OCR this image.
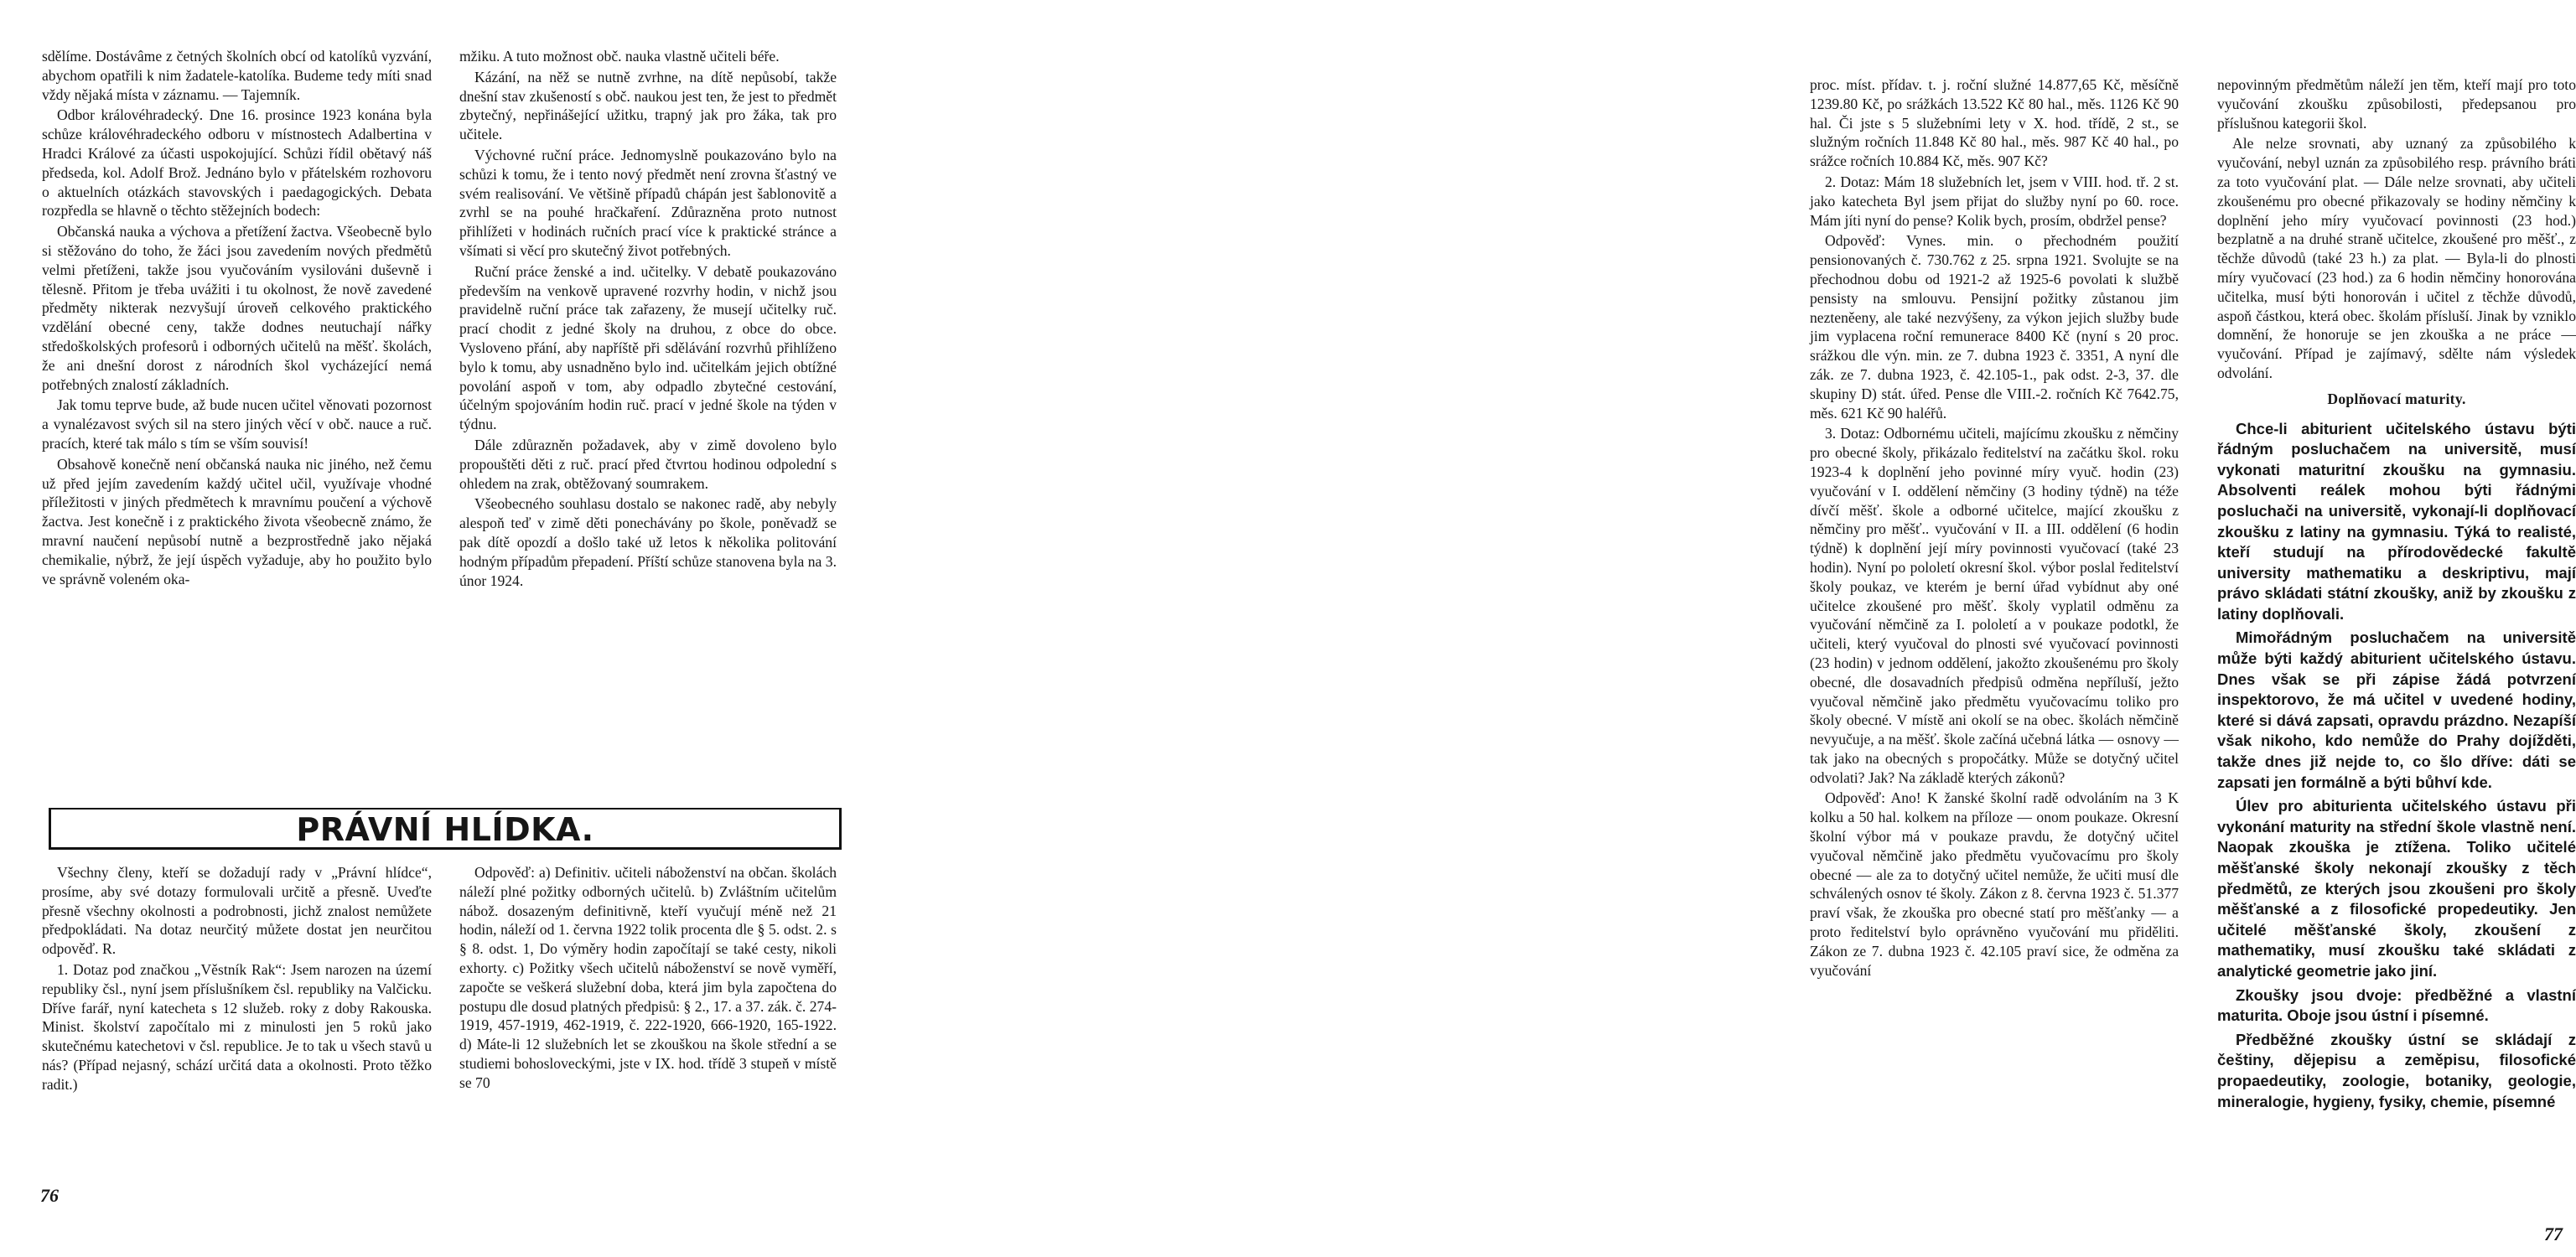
sdělíme. Dostávâme z četných školních obcí od katolíků vyzvání, abychom opatřili k nim žadatele-katolíka. Budeme tedy míti snad vždy nějaká místa v záznamu. — Tajemník.

Odbor královéhradecký. Dne 16. prosince 1923 konána byla schůze královéhradeckého odboru v místnostech Adalbertina v Hradci Králové za účasti uspokojující. Schůzi řídil obětavý náš předseda, kol. Adolf Brož. Jednáno bylo v přátelském rozhovoru o aktuelních otázkách stavovských i paedagogických. Debata rozpředla se hlavně o těchto stěžejních bodech:

Občanská nauka a výchova a přetížení žactva. Všeobecně bylo si stěžováno do toho, že žáci jsou zavedením nových předmětů velmi přetíženi, takže jsou vyučováním vysilováni duševně i tělesně. Přitom je třeba uvážiti i tu okolnost, že nově zavedené předměty nikterak nezvyšují úroveň celkového praktického vzdělání obecné ceny, takže dodnes neutuchají nářky středoškolských profesorů i odborných učitelů na měšť. školách, že ani dnešní dorost z národních škol vycházející nemá potřebných znalostí základních.

Jak tomu teprve bude, až bude nucen učitel věnovati pozornost a vynalézavost svých sil na stero jiných věcí v obč. nauce a ruč. pracích, které tak málo s tím se vším souvisí!

Obsahově konečně není občanská nauka nic jiného, než čemu už před jejím zavedením každý učitel učil, využívaje vhodné příležitosti v jiných předmětech k mravnímu poučení a výchově žactva. Jest konečně i z praktického života všeobecně známo, že mravní naučení nepůsobí nutně a bezprostředně jako nějaká chemikalie, nýbrž, že její úspěch vyžaduje, aby ho použito bylo ve správně voleném oka-

mžiku. A tuto možnost obč. nauka vlastně učiteli béře.

Kázání, na něž se nutně zvrhne, na dítě nepůsobí, takže dnešní stav zkušeností s obč. naukou jest ten, že jest to předmět zbytečný, nepřinášející užitku, trapný jak pro žáka, tak pro učitele.

Výchovné ruční práce. Jednomyslně poukazováno bylo na schůzi k tomu, že i tento nový předmět není zrovna šťastný ve svém realisování. Ve většině případů chápán jest šablonovitě a zvrhl se na pouhé hračkaření. Zdůrazněna proto nutnost přihlížeti v hodinách ručních prací více k praktické stránce a všímati si věcí pro skutečný život potřebných.

Ruční práce ženské a ind. učitelky. V debatě poukazováno především na venkově upravené rozvrhy hodin, v nichž jsou pravidelně ruční práce tak zařazeny, že musejí učitelky ruč. prací chodit z jedné školy na druhou, z obce do obce. Vysloveno přání, aby napříště při sdělávání rozvrhů přihlíženo bylo k tomu, aby usnadněno bylo ind. učitelkám jejich obtížné povolání aspoň v tom, aby odpadlo zbytečné cestování, účelným spojováním hodin ruč. prací v jedné škole na týden v týdnu.

Dále zdůrazněn požadavek, aby v zimě dovoleno bylo propouštěti děti z ruč. prací před čtvrtou hodinou odpolední s ohledem na zrak, obtěžovaný soumrakem.

Všeobecného souhlasu dostalo se nakonec radě, aby nebyly alespoň teď v zimě děti ponechávány po škole, poněvadž se pak dítě opozdí a došlo také už letos k několika politování hodným případům přepadení. Příští schůze stanovena byla na 3. únor 1924.

PRÁVNÍ HLÍDKA.

Všechny členy, kteří se dožadují rady v „Právní hlídce“, prosíme, aby své dotazy formulovali určitě a přesně. Uveďte přesně všechny okolnosti a podrobnosti, jichž znalost nemůžete předpokládati. Na dotaz neurčitý můžete dostat jen neurčitou odpověď. R.

1. Dotaz pod značkou „Věstník Rak“: Jsem narozen na území republiky čsl., nyní jsem příslušníkem čsl. republiky na Valčicku. Dříve farář, nyní katecheta s 12 služeb. roky z doby Rakouska. Minist. školství započítalo mi z minulosti jen 5 roků jako skutečnému katechetovi v čsl. republice. Je to tak u všech stavů u nás? (Případ nejasný, schází určitá data a okolnosti. Proto těžko radit.)

Odpověď: a) Definitiv. učiteli náboženství na občan. školách náleží plné požitky odborných učitelů. b) Zvláštním učitelům nábož. dosazeným definitivně, kteří vyučují méně než 21 hodin, náleží od 1. června 1922 tolik procenta dle § 5. odst. 2. s § 8. odst. 1, Do výměry hodin započítají se také cesty, nikoli exhorty. c) Požitky všech učitelů náboženství se nově vyměří, započte se veškerá služební doba, která jim byla započtena do postupu dle dosud platných předpisů: § 2., 17. a 37. zák. č. 274-1919, 457-1919, 462-1919, č. 222-1920, 666-1920, 165-1922. d) Máte-li 12 služebních let se zkouškou na škole střední a se studiemi bohosloveckými, jste v IX. hod. třídě 3 stupeň v místě se 70

76

proc. míst. přídav. t. j. roční služné 14.877,65 Kč, měsíčně 1239.80 Kč, po srážkách 13.522 Kč 80 hal., měs. 1126 Kč 90 hal. Či jste s 5 služebními lety v X. hod. třídě, 2 st., se služným ročních 11.848 Kč 80 hal., měs. 987 Kč 40 hal., po srážce ročních 10.884 Kč, měs. 907 Kč?

2. Dotaz: Mám 18 služebních let, jsem v VIII. hod. tř. 2 st. jako katecheta Byl jsem přijat do služby nyní po 60. roce. Mám jíti nyní do pense? Kolik bych, prosím, obdržel pense?

Odpověď: Vynes. min. o přechodném použití pensionovaných č. 730.762 z 25. srpna 1921. Svolujte se na přechodnou dobu od 1921-2 až 1925-6 povolati k službě pensisty na smlouvu. Pensijní požitky zůstanou jim nezteněeny, ale také nezvýšeny, za výkon jejich služby bude jim vyplacena roční remunerace 8400 Kč (nyní s 20 proc. srážkou dle výn. min. ze 7. dubna 1923 č. 3351, A nyní dle zák. ze 7. dubna 1923, č. 42.105-1., pak odst. 2-3, 37. dle skupiny D) stát. úřed. Pense dle VIII.-2. ročních Kč 7642.75, měs. 621 Kč 90 haléřů.

3. Dotaz: Odbornému učiteli, majícímu zkoušku z němčiny pro obecné školy, přikázalo ředitelství na začátku škol. roku 1923-4 k doplnění jeho povinné míry vyuč. hodin (23) vyučování v I. oddělení němčiny (3 hodiny týdně) na téže dívčí měšť. škole a odborné učitelce, mající zkoušku z němčiny pro měšť.. vyučování v II. a III. oddělení (6 hodin týdně) k doplnění její míry povinnosti vyučovací (také 23 hodin). Nyní po pololetí okresní škol. výbor poslal ředitelství školy poukaz, ve kterém je berní úřad vybídnut aby oné učitelce zkoušené pro měšť. školy vyplatil odměnu za vyučování němčině za I. pololetí a v poukaze podotkl, že učiteli, který vyučoval do plnosti své vyučovací povinnosti (23 hodin) v jednom oddělení, jakožto zkoušenému pro školy obecné, dle dosavadních předpisů odměna nepříluší, ježto vyučoval němčině jako předmětu vyučovacímu toliko pro školy obecné. V místě ani okolí se na obec. školách němčině nevyučuje, a na měšť. škole začíná učebná látka — osnovy — tak jako na obecných s propočátky. Může se dotyčný učitel odvolati? Jak? Na základě kterých zákonů?

Odpověď: Ano! K žanské školní radě odvoláním na 3 K kolku a 50 hal. kolkem na příloze — onom poukaze. Okresní školní výbor má v poukaze pravdu, že dotyčný učitel vyučoval němčině jako předmětu vyučovacímu pro školy obecné — ale za to dotyčný učitel nemůže, že učiti musí dle schválených osnov té školy. Zákon z 8. června 1923 č. 51.377 praví však, že zkouška pro obecné statí pro měšťanky — a proto ředitelství bylo oprávněno vyučování mu přiděliti. Zákon ze 7. dubna 1923 č. 42.105 praví sice, že odměna za vyučování

nepovinným předmětům náleží jen těm, kteří mají pro toto vyučování zkoušku způsobilosti, předepsanou pro příslušnou kategorii škol.

Ale nelze srovnati, aby uznaný za způsobilého k vyučování, nebyl uznán za způsobilého resp. právního bráti za toto vyučování plat. — Dále nelze srovnati, aby učiteli zkoušenému pro obecné přikazovaly se hodiny němčiny k doplnění jeho míry vyučovací povinnosti (23 hod.) bezplatně a na druhé straně učitelce, zkoušené pro měšť., z těchže důvodů (také 23 h.) za plat. — Byla-li do plnosti míry vyučovací (23 hod.) za 6 hodin němčiny honorována učitelka, musí býti honorován i učitel z těchže důvodů, aspoň částkou, která obec. školám přísluší. Jinak by vzniklo domnění, že honoruje se jen zkouška a ne práce — vyučování. Případ je zajímavý, sdělte nám výsledek odvolání.

Doplňovací maturity.

Chce-li abiturient učitelského ústavu býti řádným posluchačem na universitě, musí vykonati maturitní zkoušku na gymnasiu. Absolventi reálek mohou býti řádnými posluchači na universitě, vykonají-li doplňovací zkoušku z latiny na gymnasiu. Týká to realisté, kteří studují na přírodovědecké fakultě university mathematiku a deskriptivu, mají právo skládati státní zkoušky, aniž by zkoušku z latiny doplňovali.

Mimořádným posluchačem na universitě může býti každý abiturient učitelského ústavu. Dnes však se při zápise žádá potvrzení inspektorovo, že má učitel v uvedené hodiny, které si dává zapsati, opravdu prázdno. Nezapíší však nikoho, kdo nemůže do Prahy dojížděti, takže dnes již nejde to, co šlo dříve: dáti se zapsati jen formálně a býti bůhví kde.

Úlev pro abiturienta učitelského ústavu při vykonání maturity na střední škole vlastně není. Naopak zkouška je ztížena. Toliko učitelé měšťanské školy nekonají zkoušky z těch předmětů, ze kterých jsou zkoušeni pro školy měšťanské a z filosofické propedeutiky. Jen učitelé měšťanské školy, zkoušení z mathematiky, musí zkoušku také skládati z analytické geometrie jako jiní.

Zkoušky jsou dvoje: předběžné a vlastní maturita. Oboje jsou ústní i písemné.

Předběžné zkoušky ústní se skládají z češtiny, dějepisu a zeměpisu, filosofické propaedeutiky, zoologie, botaniky, geologie, mineralogie, hygieny, fysiky, chemie, písemné

77
